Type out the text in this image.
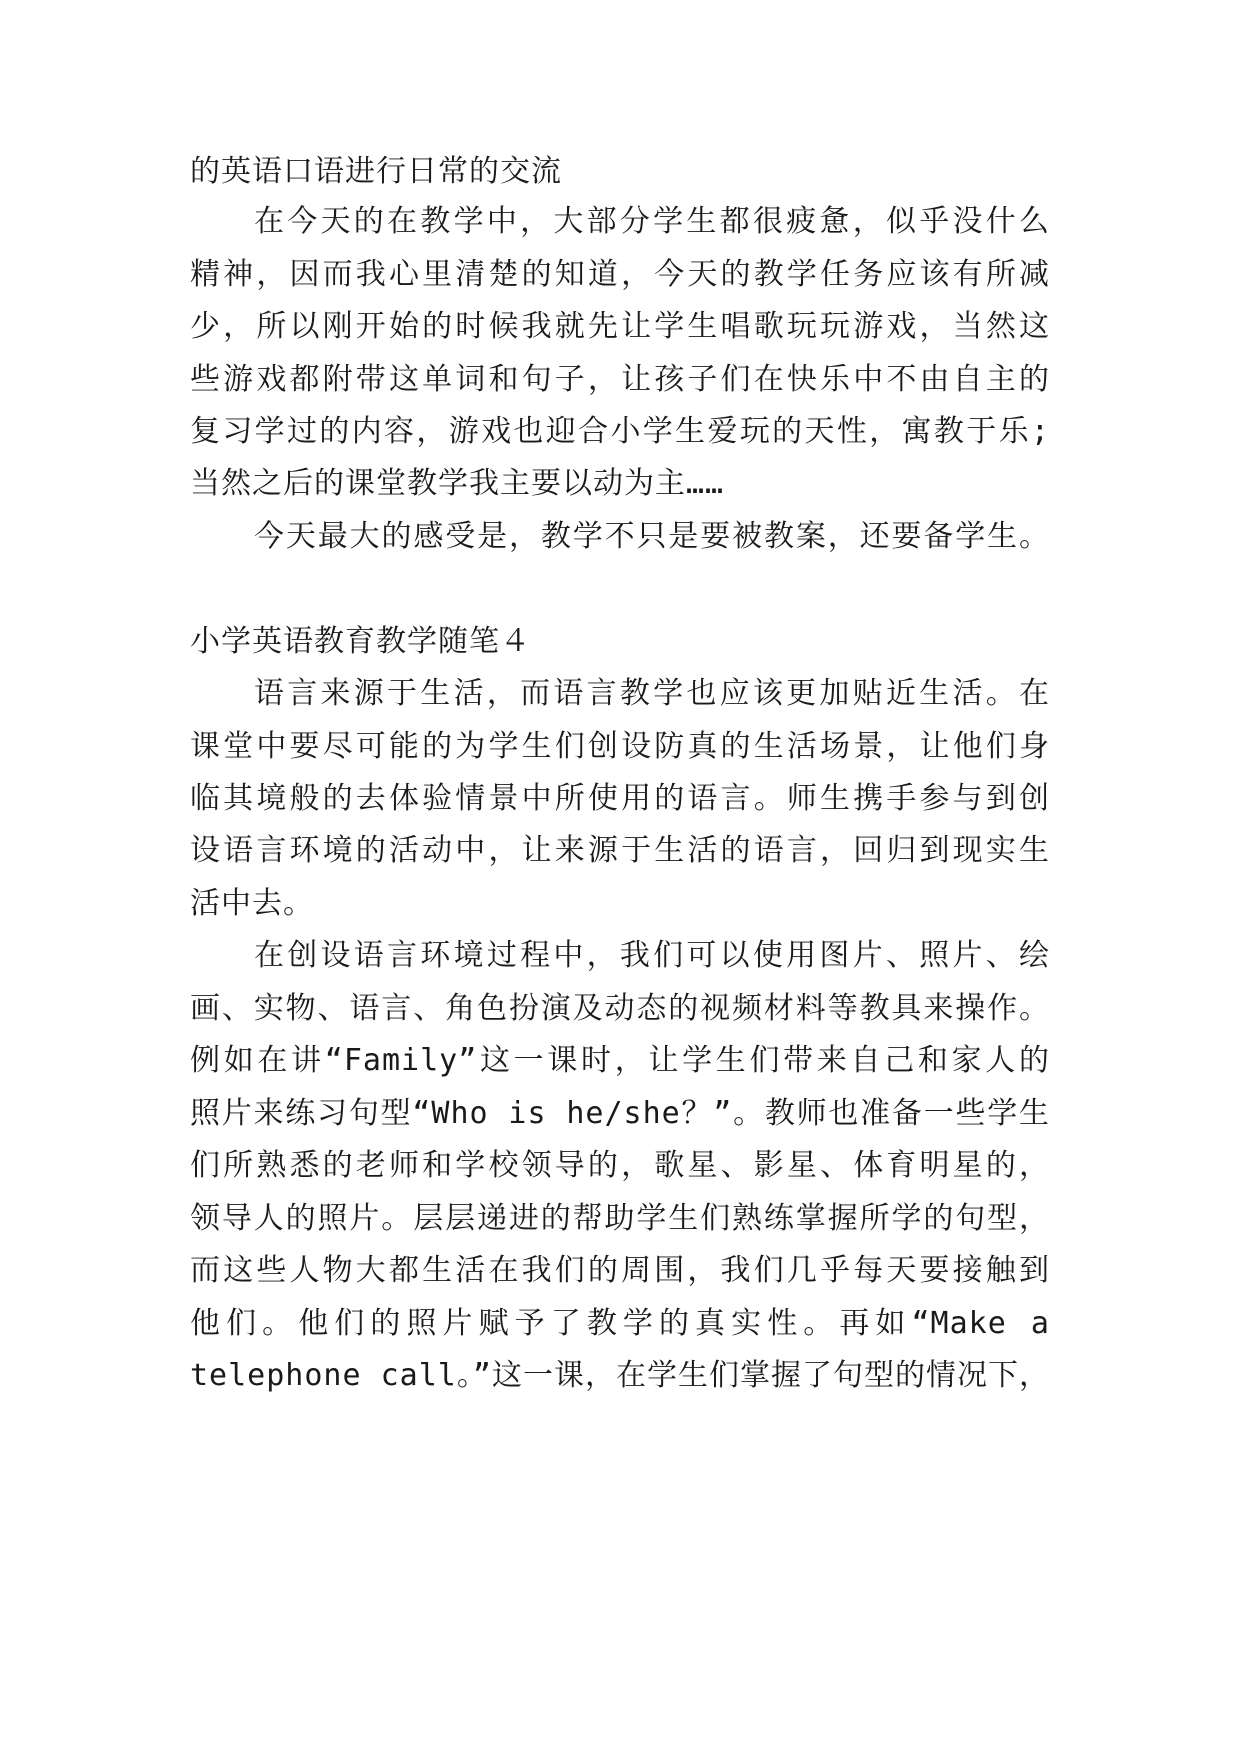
的英语口语进行日常的交流
在今天的在教学中，大部分学生都很疲惫，似乎没什么
精神，因而我心里清楚的知道，今天的教学任务应该有所减
少，所以刚开始的时候我就先让学生唱歌玩玩游戏，当然这
些游戏都附带这单词和句子，让孩子们在快乐中不由自主的
复习学过的内容，游戏也迎合小学生爱玩的天性，寓教于乐;
当然之后的课堂教学我主要以动为主……
今天最大的感受是，教学不只是要被教案，还要备学生。
小学英语教育教学随笔４
语言来源于生活，而语言教学也应该更加贴近生活。在
课堂中要尽可能的为学生们创设防真的生活场景，让他们身
临其境般的去体验情景中所使用的语言。师生携手参与到创
设语言环境的活动中，让来源于生活的语言，回归到现实生
活中去。
在创设语言环境过程中，我们可以使用图片、照片、绘
画、实物、语言、角色扮演及动态的视频材料等教具来操作。
例如在讲“Family”这一课时，让学生们带来自己和家人的
照片来练习句型“Who is he/she？”。教师也准备一些学生
们所熟悉的老师和学校领导的，歌星、影星、体育明星的，
领导人的照片。层层递进的帮助学生们熟练掌握所学的句型，
而这些人物大都生活在我们的周围，我们几乎每天要接触到
他们。他们的照片赋予了教学的真实性。再如“Make a
telephone call。”这一课，在学生们掌握了句型的情况下，
